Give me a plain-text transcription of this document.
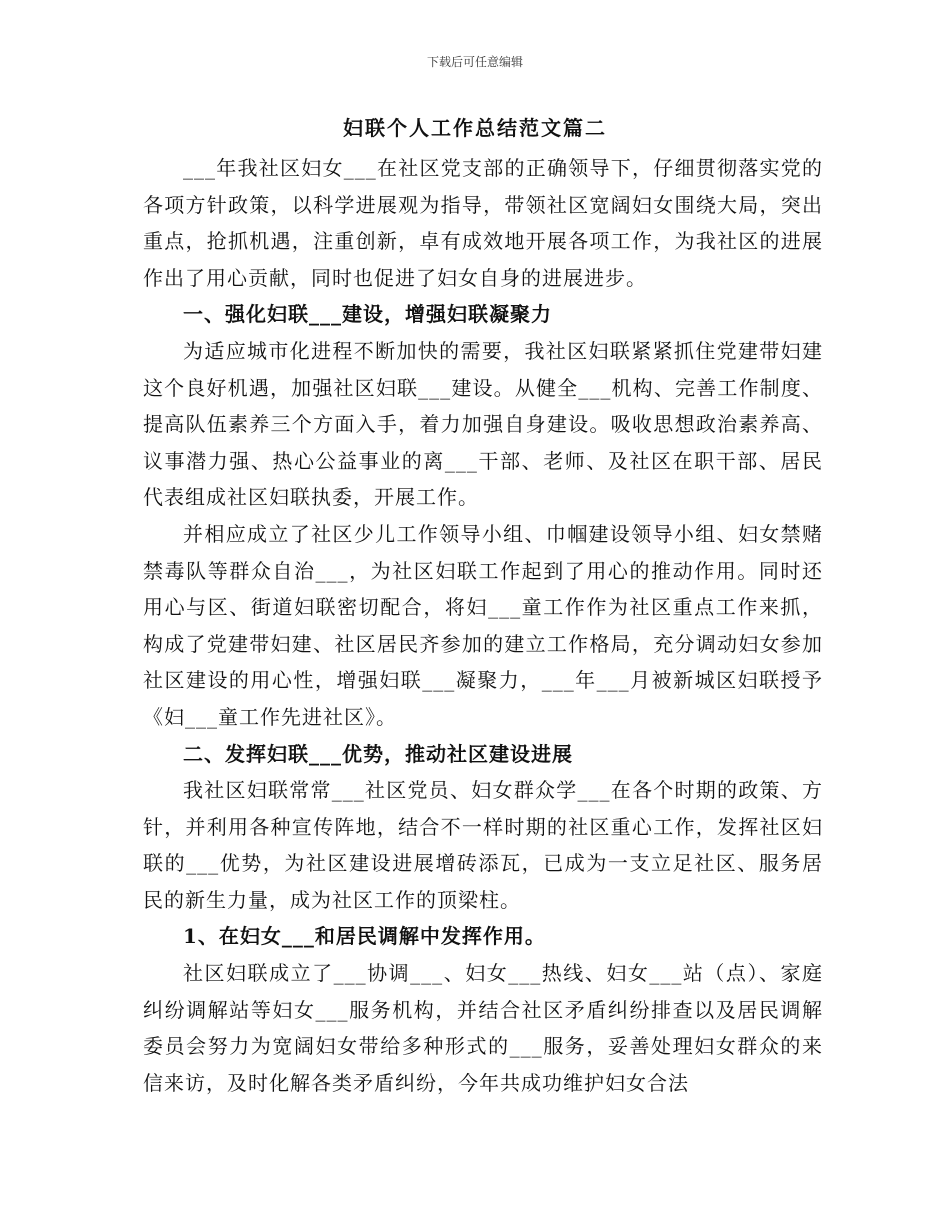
下载后可任意编辑
妇联个人工作总结范文篇二

___年我社区妇女___在社区党支部的正确领导下，仔细贯彻落实党的各项方针政策，以科学进展观为指导，带领社区宽阔妇女围绕大局，突出重点，抢抓机遇，注重创新，卓有成效地开展各项工作，为我社区的进展作出了用心贡献，同时也促进了妇女自身的进展进步。

一、强化妇联___建设，增强妇联凝聚力

为适应城市化进程不断加快的需要，我社区妇联紧紧抓住党建带妇建这个良好机遇，加强社区妇联___建设。从健全___机构、完善工作制度、提高队伍素养三个方面入手，着力加强自身建设。吸收思想政治素养高、议事潜力强、热心公益事业的离___干部、老师、及社区在职干部、居民代表组成社区妇联执委，开展工作。

并相应成立了社区少儿工作领导小组、巾帼建设领导小组、妇女禁赌禁毒队等群众自治___，为社区妇联工作起到了用心的推动作用。同时还用心与区、街道妇联密切配合，将妇___童工作作为社区重点工作来抓，构成了党建带妇建、社区居民齐参加的建立工作格局，充分调动妇女参加社区建设的用心性，增强妇联___凝聚力，___年___月被新城区妇联授予《妇___童工作先进社区》。

二、发挥妇联___优势，推动社区建设进展

我社区妇联常常___社区党员、妇女群众学___在各个时期的政策、方针，并利用各种宣传阵地，结合不一样时期的社区重心工作，发挥社区妇联的___优势，为社区建设进展增砖添瓦，已成为一支立足社区、服务居民的新生力量，成为社区工作的顶梁柱。

1、在妇女___和居民调解中发挥作用。

社区妇联成立了___协调___、妇女___热线、妇女___站（点）、家庭纠纷调解站等妇女___服务机构，并结合社区矛盾纠纷排查以及居民调解委员会努力为宽阔妇女带给多种形式的___服务，妥善处理妇女群众的来信来访，及时化解各类矛盾纠纷，今年共成功维护妇女合法
